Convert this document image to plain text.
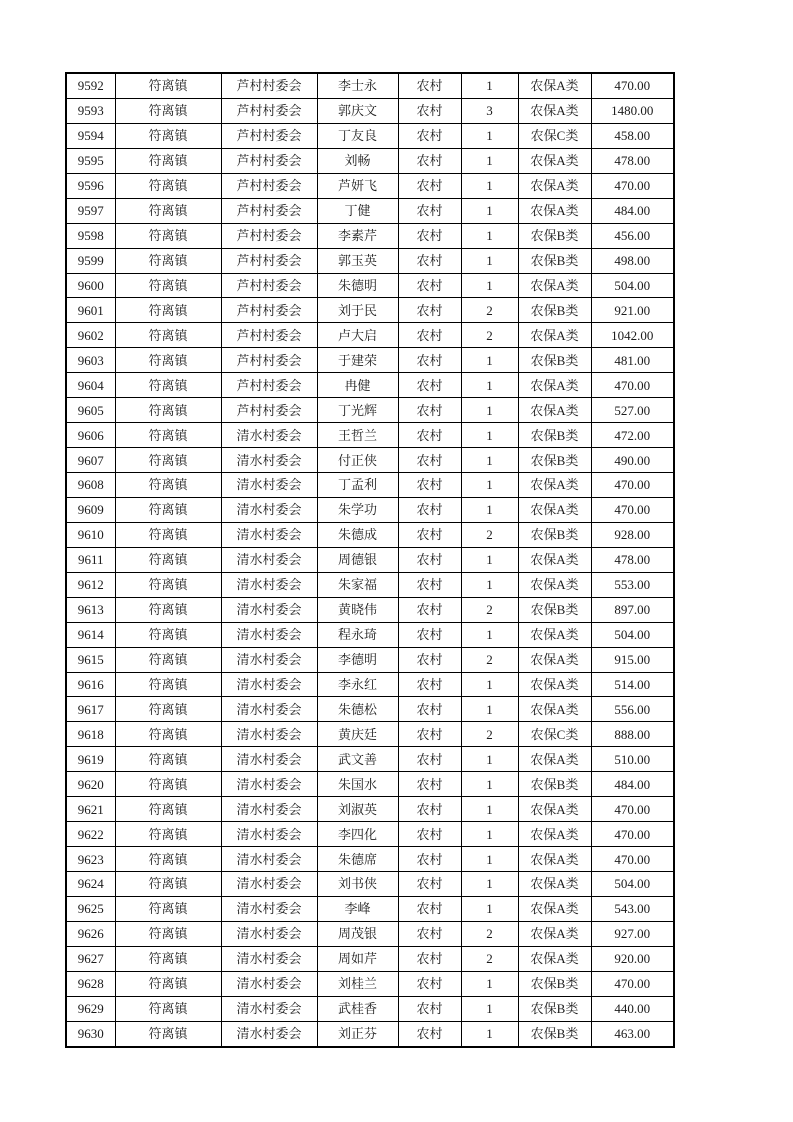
9592	符离镇	芦村村委会	李士永	农村	1	农保A类	470.00
9593	符离镇	芦村村委会	郭庆文	农村	3	农保A类	1480.00
9594	符离镇	芦村村委会	丁友良	农村	1	农保C类	458.00
9595	符离镇	芦村村委会	刘畅	农村	1	农保A类	478.00
9596	符离镇	芦村村委会	芦妍飞	农村	1	农保A类	470.00
9597	符离镇	芦村村委会	丁健	农村	1	农保A类	484.00
9598	符离镇	芦村村委会	李素芹	农村	1	农保B类	456.00
9599	符离镇	芦村村委会	郭玉英	农村	1	农保B类	498.00
9600	符离镇	芦村村委会	朱德明	农村	1	农保A类	504.00
9601	符离镇	芦村村委会	刘于民	农村	2	农保B类	921.00
9602	符离镇	芦村村委会	卢大启	农村	2	农保A类	1042.00
9603	符离镇	芦村村委会	于建荣	农村	1	农保B类	481.00
9604	符离镇	芦村村委会	冉健	农村	1	农保A类	470.00
9605	符离镇	芦村村委会	丁光辉	农村	1	农保A类	527.00
9606	符离镇	清水村委会	王哲兰	农村	1	农保B类	472.00
9607	符离镇	清水村委会	付正侠	农村	1	农保B类	490.00
9608	符离镇	清水村委会	丁孟利	农村	1	农保A类	470.00
9609	符离镇	清水村委会	朱学功	农村	1	农保A类	470.00
9610	符离镇	清水村委会	朱德成	农村	2	农保B类	928.00
9611	符离镇	清水村委会	周德银	农村	1	农保A类	478.00
9612	符离镇	清水村委会	朱家福	农村	1	农保A类	553.00
9613	符离镇	清水村委会	黄晓伟	农村	2	农保B类	897.00
9614	符离镇	清水村委会	程永琦	农村	1	农保A类	504.00
9615	符离镇	清水村委会	李德明	农村	2	农保A类	915.00
9616	符离镇	清水村委会	李永红	农村	1	农保A类	514.00
9617	符离镇	清水村委会	朱德松	农村	1	农保A类	556.00
9618	符离镇	清水村委会	黄庆廷	农村	2	农保C类	888.00
9619	符离镇	清水村委会	武文善	农村	1	农保A类	510.00
9620	符离镇	清水村委会	朱国水	农村	1	农保B类	484.00
9621	符离镇	清水村委会	刘淑英	农村	1	农保A类	470.00
9622	符离镇	清水村委会	李四化	农村	1	农保A类	470.00
9623	符离镇	清水村委会	朱德席	农村	1	农保A类	470.00
9624	符离镇	清水村委会	刘书侠	农村	1	农保A类	504.00
9625	符离镇	清水村委会	李峰	农村	1	农保A类	543.00
9626	符离镇	清水村委会	周茂银	农村	2	农保A类	927.00
9627	符离镇	清水村委会	周如芹	农村	2	农保A类	920.00
9628	符离镇	清水村委会	刘桂兰	农村	1	农保B类	470.00
9629	符离镇	清水村委会	武桂香	农村	1	农保B类	440.00
9630	符离镇	清水村委会	刘正芬	农村	1	农保B类	463.00
